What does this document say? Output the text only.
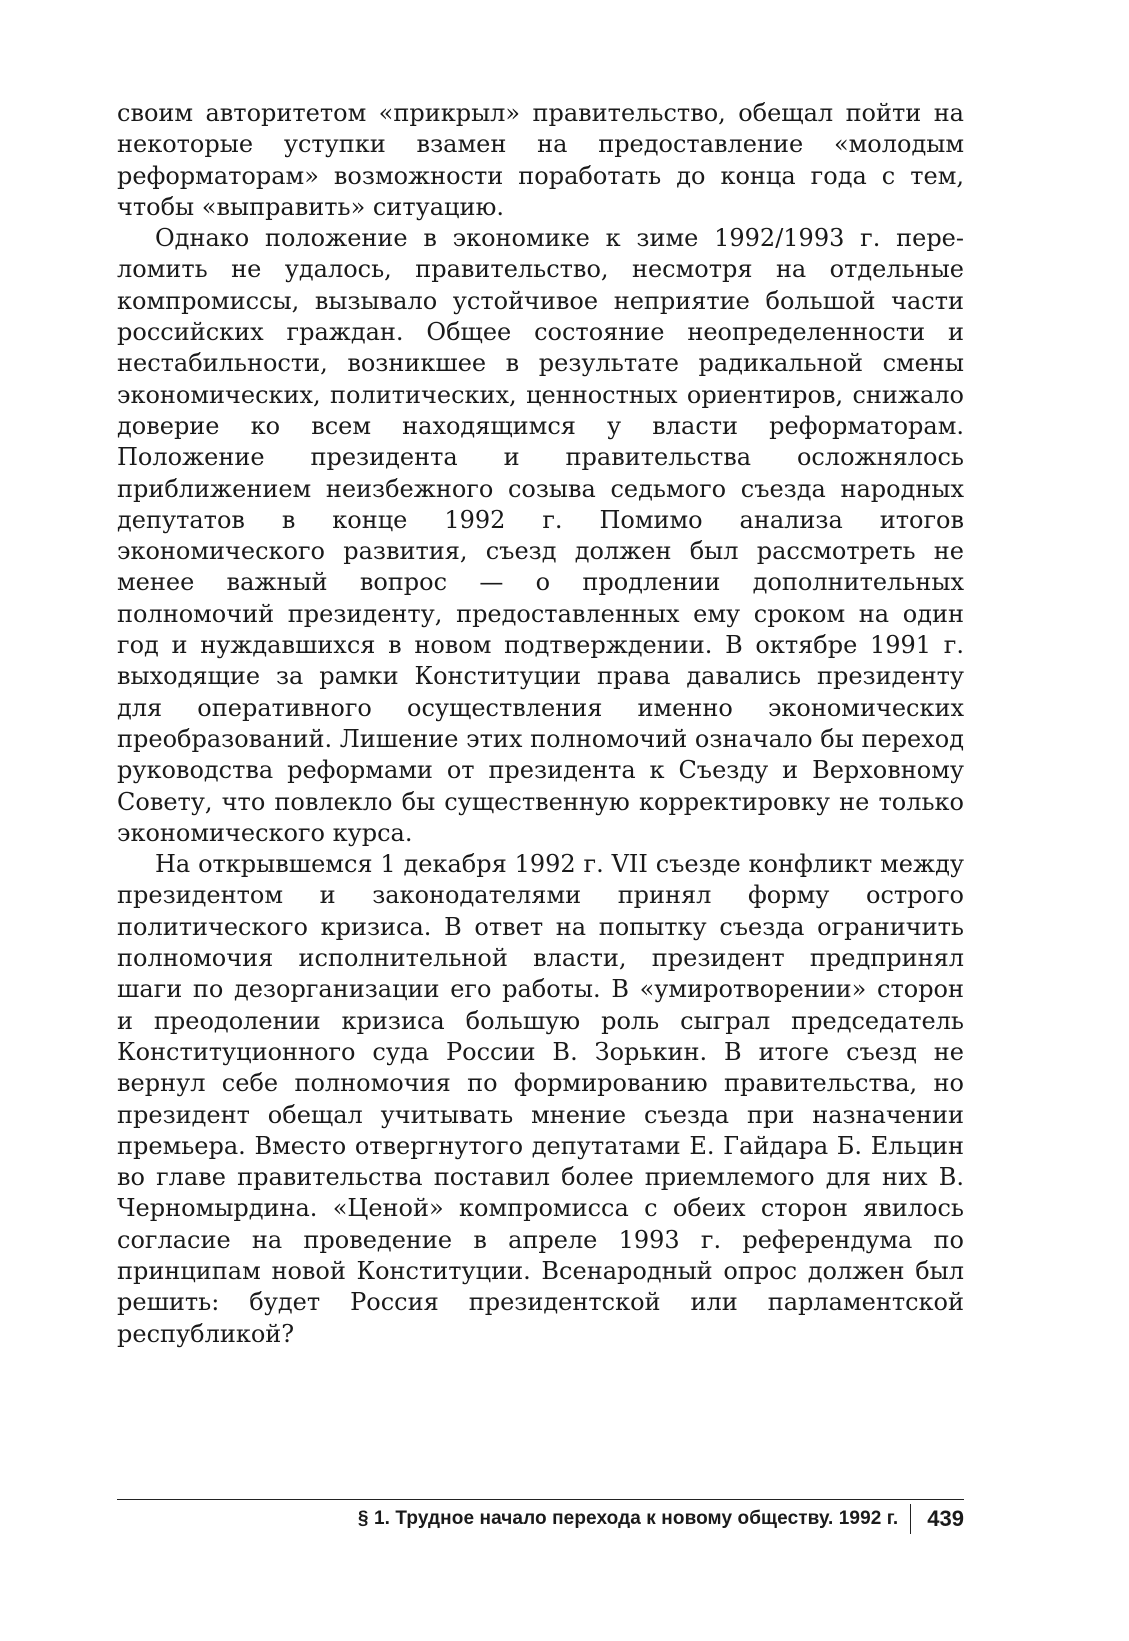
своим авторитетом «прикрыл» правительство, обещал пойти на некоторые уступки взамен на предоставление «молодым реформаторам» возможности поработать до конца года с тем, чтобы «выправить» ситуацию.

Однако положение в экономике к зиме 1992/1993 г. переломить не удалось, правительство, несмотря на отдельные компромиссы, вызывало устойчивое неприятие большой части российских граждан. Общее состояние неопределенности и нестабильности, возникшее в результате радикальной смены экономических, политических, ценностных ориентиров, снижало доверие ко всем находящимся у власти реформаторам. Положение президента и правительства осложнялось приближением неизбежного созыва седьмого съезда народных депутатов в конце 1992 г. Помимо анализа итогов экономического развития, съезд должен был рассмотреть не менее важный вопрос — о продлении дополнительных полномочий президенту, предоставленных ему сроком на один год и нуждавшихся в новом подтверждении. В октябре 1991 г. выходящие за рамки Конституции права давались президенту для оперативного осуществления именно экономических преобразований. Лишение этих полномочий означало бы переход руководства реформами от президента к Съезду и Верховному Совету, что повлекло бы существенную корректировку не только экономического курса.

На открывшемся 1 декабря 1992 г. VII съезде конфликт между президентом и законодателями принял форму острого политического кризиса. В ответ на попытку съезда ограничить полномочия исполнительной власти, президент предпринял шаги по дезорганизации его работы. В «умиротворении» сторон и преодолении кризиса большую роль сыграл председатель Конституционного суда России В. Зорькин. В итоге съезд не вернул себе полномочия по формированию правительства, но президент обещал учитывать мнение съезда при назначении премьера. Вместо отвергнутого депутатами Е. Гайдара Б. Ельцин во главе правительства поставил более приемлемого для них В. Черномырдина. «Ценой» компромисса с обеих сторон явилось согласие на проведение в апреле 1993 г. референдума по принципам новой Конституции. Всенародный опрос должен был решить: будет Россия президентской или парламентской республикой?

§ 1. Трудное начало перехода к новому обществу. 1992 г. 439
